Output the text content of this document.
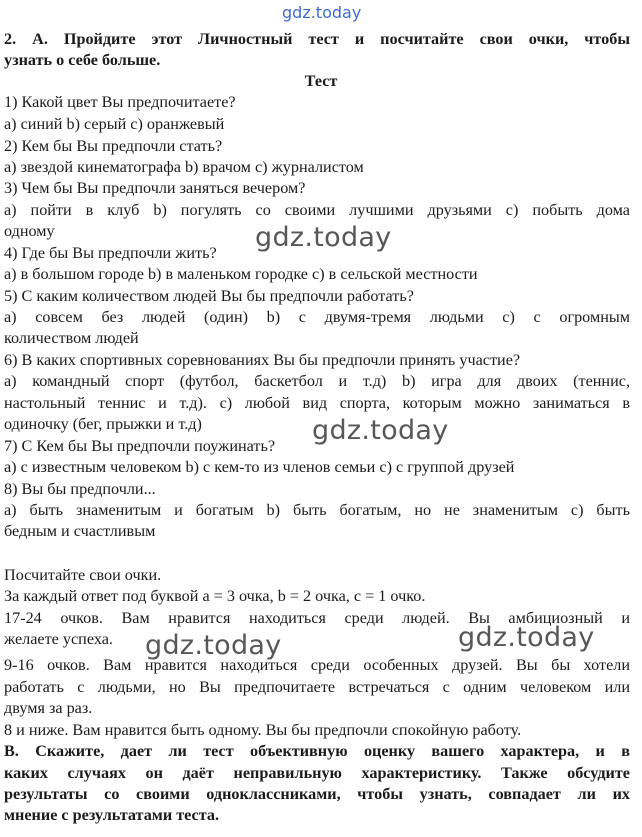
gdz.today
2. А. Пройдите этот Личностный тест и посчитайте свои очки, чтобы
узнать о себе больше.
Тест
1) Какой цвет Вы предпочитаете?
a) синий b) серый c) оранжевый
2) Кем бы Вы предпочли стать?
a) звездой кинематографа b) врачом c) журналистом
3) Чем бы Вы предпочли заняться вечером?
a) пойти в клуб b) погулять со своими лучшими друзьями c) побыть дома
одному
4) Где бы Вы предпочли жить?
a) в большом городе b) в маленьком городке c) в сельской местности
5) С каким количеством людей Вы бы предпочли работать?
a) совсем без людей (один) b) с двумя-тремя людьми c) с огромным
количеством людей
6) В каких спортивных соревнованиях Вы бы предпочли принять участие?
a) командный спорт (футбол, баскетбол и т.д) b) игра для двоих (теннис,
настольный теннис и т.д). c) любой вид спорта, которым можно заниматься в
одиночку (бег, прыжки и т.д)
7) С Кем бы Вы предпочли поужинать?
a) с известным человеком b) с кем-то из членов семьи c) с группой друзей
8) Вы бы предпочли...
a) быть знаменитым и богатым b) быть богатым, но не знаменитым c) быть
бедным и счастливым
Посчитайте свои очки.
За каждый ответ под буквой a = 3 очка, b = 2 очка, c = 1 очко.
17-24 очков. Вам нравится находиться среди людей. Вы амбициозный и
желаете успеха.
9-16 очков. Вам нравится находиться среди особенных друзей. Вы бы хотели
работать с людьми, но Вы предпочитаете встречаться с одним человеком или
двумя за раз.
8 и ниже. Вам нравится быть одному. Вы бы предпочли спокойную работу.
B. Скажите, дает ли тест объективную оценку вашего характера, и в
каких случаях он даёт неправильную характеристику. Также обсудите
результаты со своими одноклассниками, чтобы узнать, совпадает ли их
мнение с результатами теста.
gdz.today
gdz.today
gdz.today	gdz.today
